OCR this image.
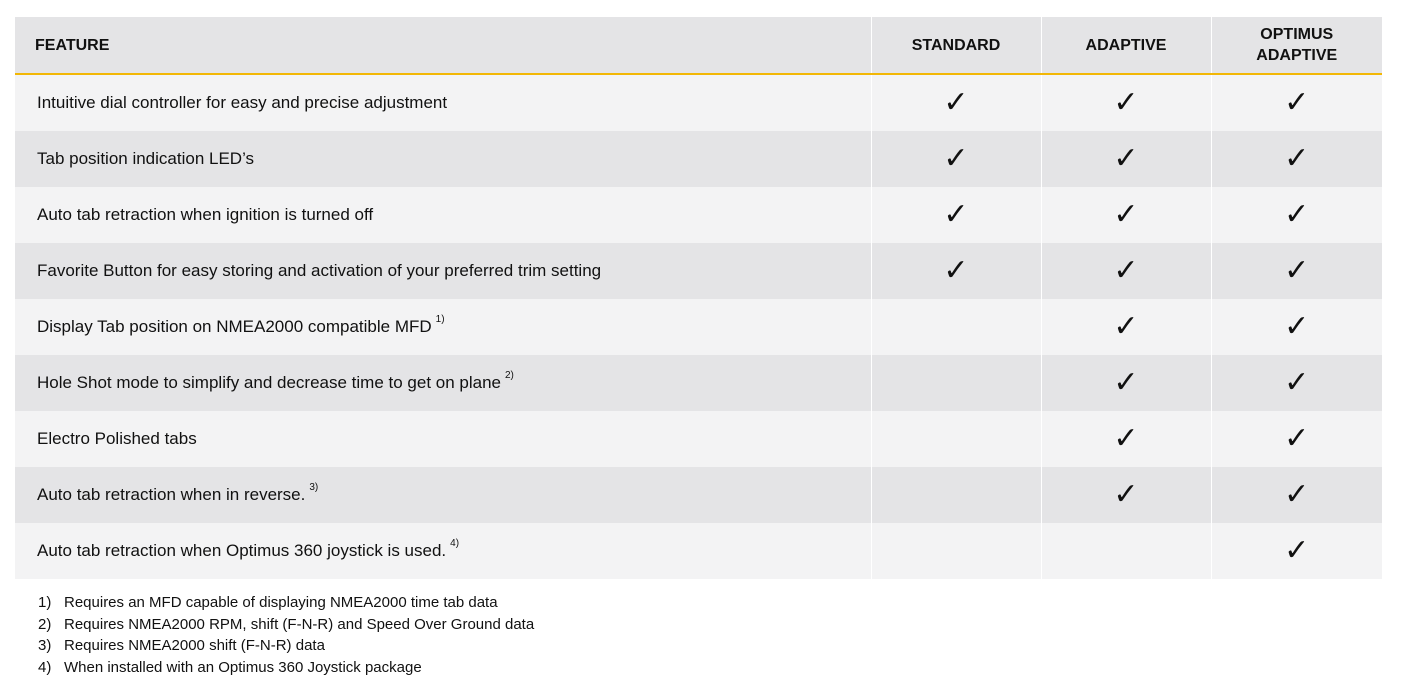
FEATURE	STANDARD	ADAPTIVE	OPTIMUS
ADAPTIVE
Intuitive dial controller for easy and precise adjustment	✓	✓	✓
Tab position indication LED’s	✓	✓	✓
Auto tab retraction when ignition is turned off	✓	✓	✓
Favorite Button for easy storing and activation of your preferred trim setting	✓	✓	✓
Display Tab position on NMEA2000 compatible MFD $^{1)}$		✓	✓
Hole Shot mode to simplify and decrease time to get on plane $^{2)}$		✓	✓
Electro Polished tabs		✓	✓
Auto tab retraction when in reverse. $^{3)}$		✓	✓
Auto tab retraction when Optimus 360 joystick is used. $^{4)}$			✓
1) Requires an MFD capable of displaying NMEA2000 time tab data
2) Requires NMEA2000 RPM, shift (F-N-R) and Speed Over Ground data
3) Requires NMEA2000 shift (F-N-R) data
4) When installed with an Optimus 360 Joystick package
